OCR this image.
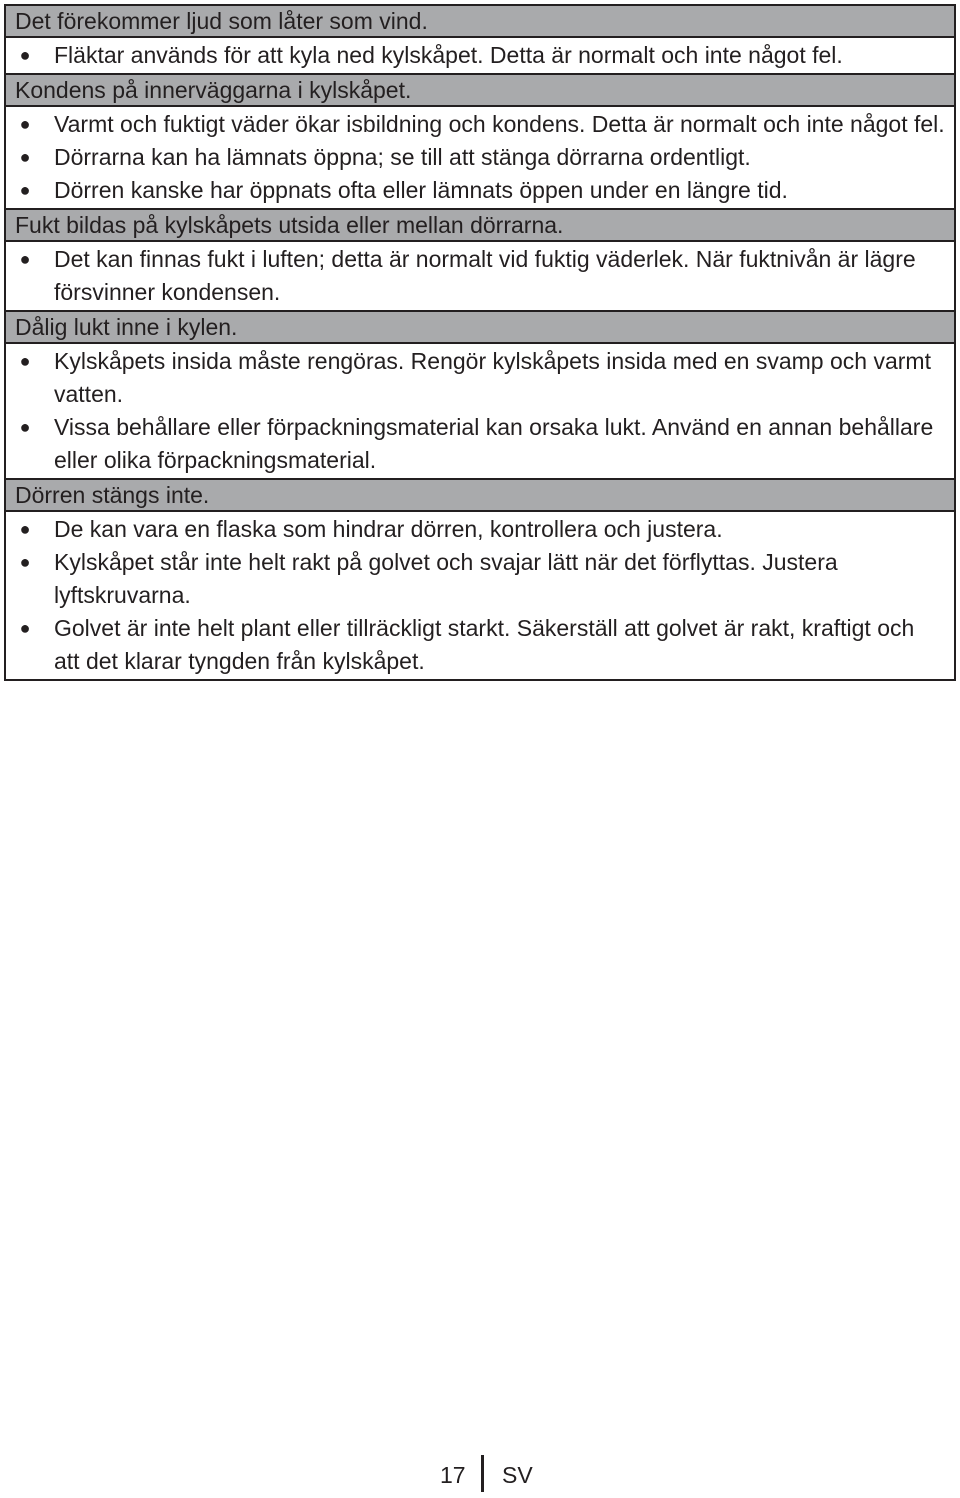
Det förekommer ljud som låter som vind.
● Fläktar används för att kyla ned kylskåpet. Detta är normalt och inte något fel.
Kondens på innerväggarna i kylskåpet.
● Varmt och fuktigt väder ökar isbildning och kondens. Detta är normalt och inte något fel.
● Dörrarna kan ha lämnats öppna; se till att stänga dörrarna ordentligt.
● Dörren kanske har öppnats ofta eller lämnats öppen under en längre tid.
Fukt bildas på kylskåpets utsida eller mellan dörrarna.
● Det kan finnas fukt i luften; detta är normalt vid fuktig väderlek. När fuktnivån är lägre försvinner kondensen.
Dålig lukt inne i kylen.
● Kylskåpets insida måste rengöras. Rengör kylskåpets insida med en svamp och varmt vatten.
● Vissa behållare eller förpackningsmaterial kan orsaka lukt. Använd en annan behållare eller olika förpackningsmaterial.
Dörren stängs inte.
● De kan vara en flaska som hindrar dörren, kontrollera och justera.
● Kylskåpet står inte helt rakt på golvet och svajar lätt när det förflyttas. Justera lyftskruvarna.
● Golvet är inte helt plant eller tillräckligt starkt. Säkerställ att golvet är rakt, kraftigt och att det klarar tyngden från kylskåpet.
17 SV
